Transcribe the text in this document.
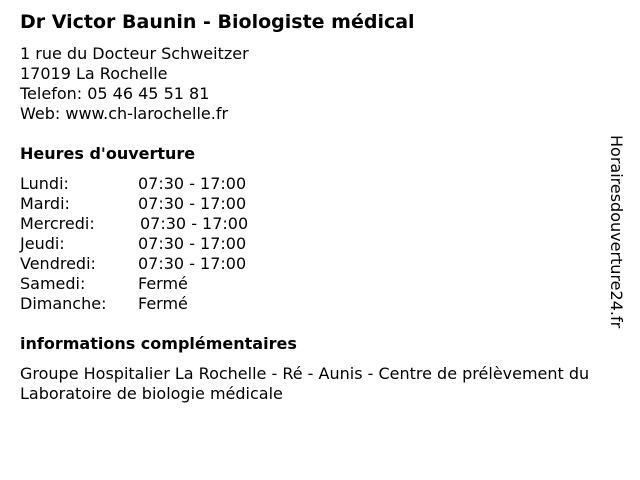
Dr Victor Baunin - Biologiste médical
1 rue du Docteur Schweitzer
17019 La Rochelle
Telefon: 05 46 45 51 81
Web: www.ch-larochelle.fr
Heures d'ouverture
Lundi:	07:30 - 17:00
Mardi:	07:30 - 17:00
Mercredi:	07:30 - 17:00
Jeudi:	07:30 - 17:00
Vendredi:	07:30 - 17:00
Samedi:	Fermé
Dimanche: Fermé
informations complémentaires
Groupe Hospitalier La Rochelle - Ré - Aunis - Centre de prélèvement du Laboratoire de biologie médicale
Horairesdouverture24.fr
